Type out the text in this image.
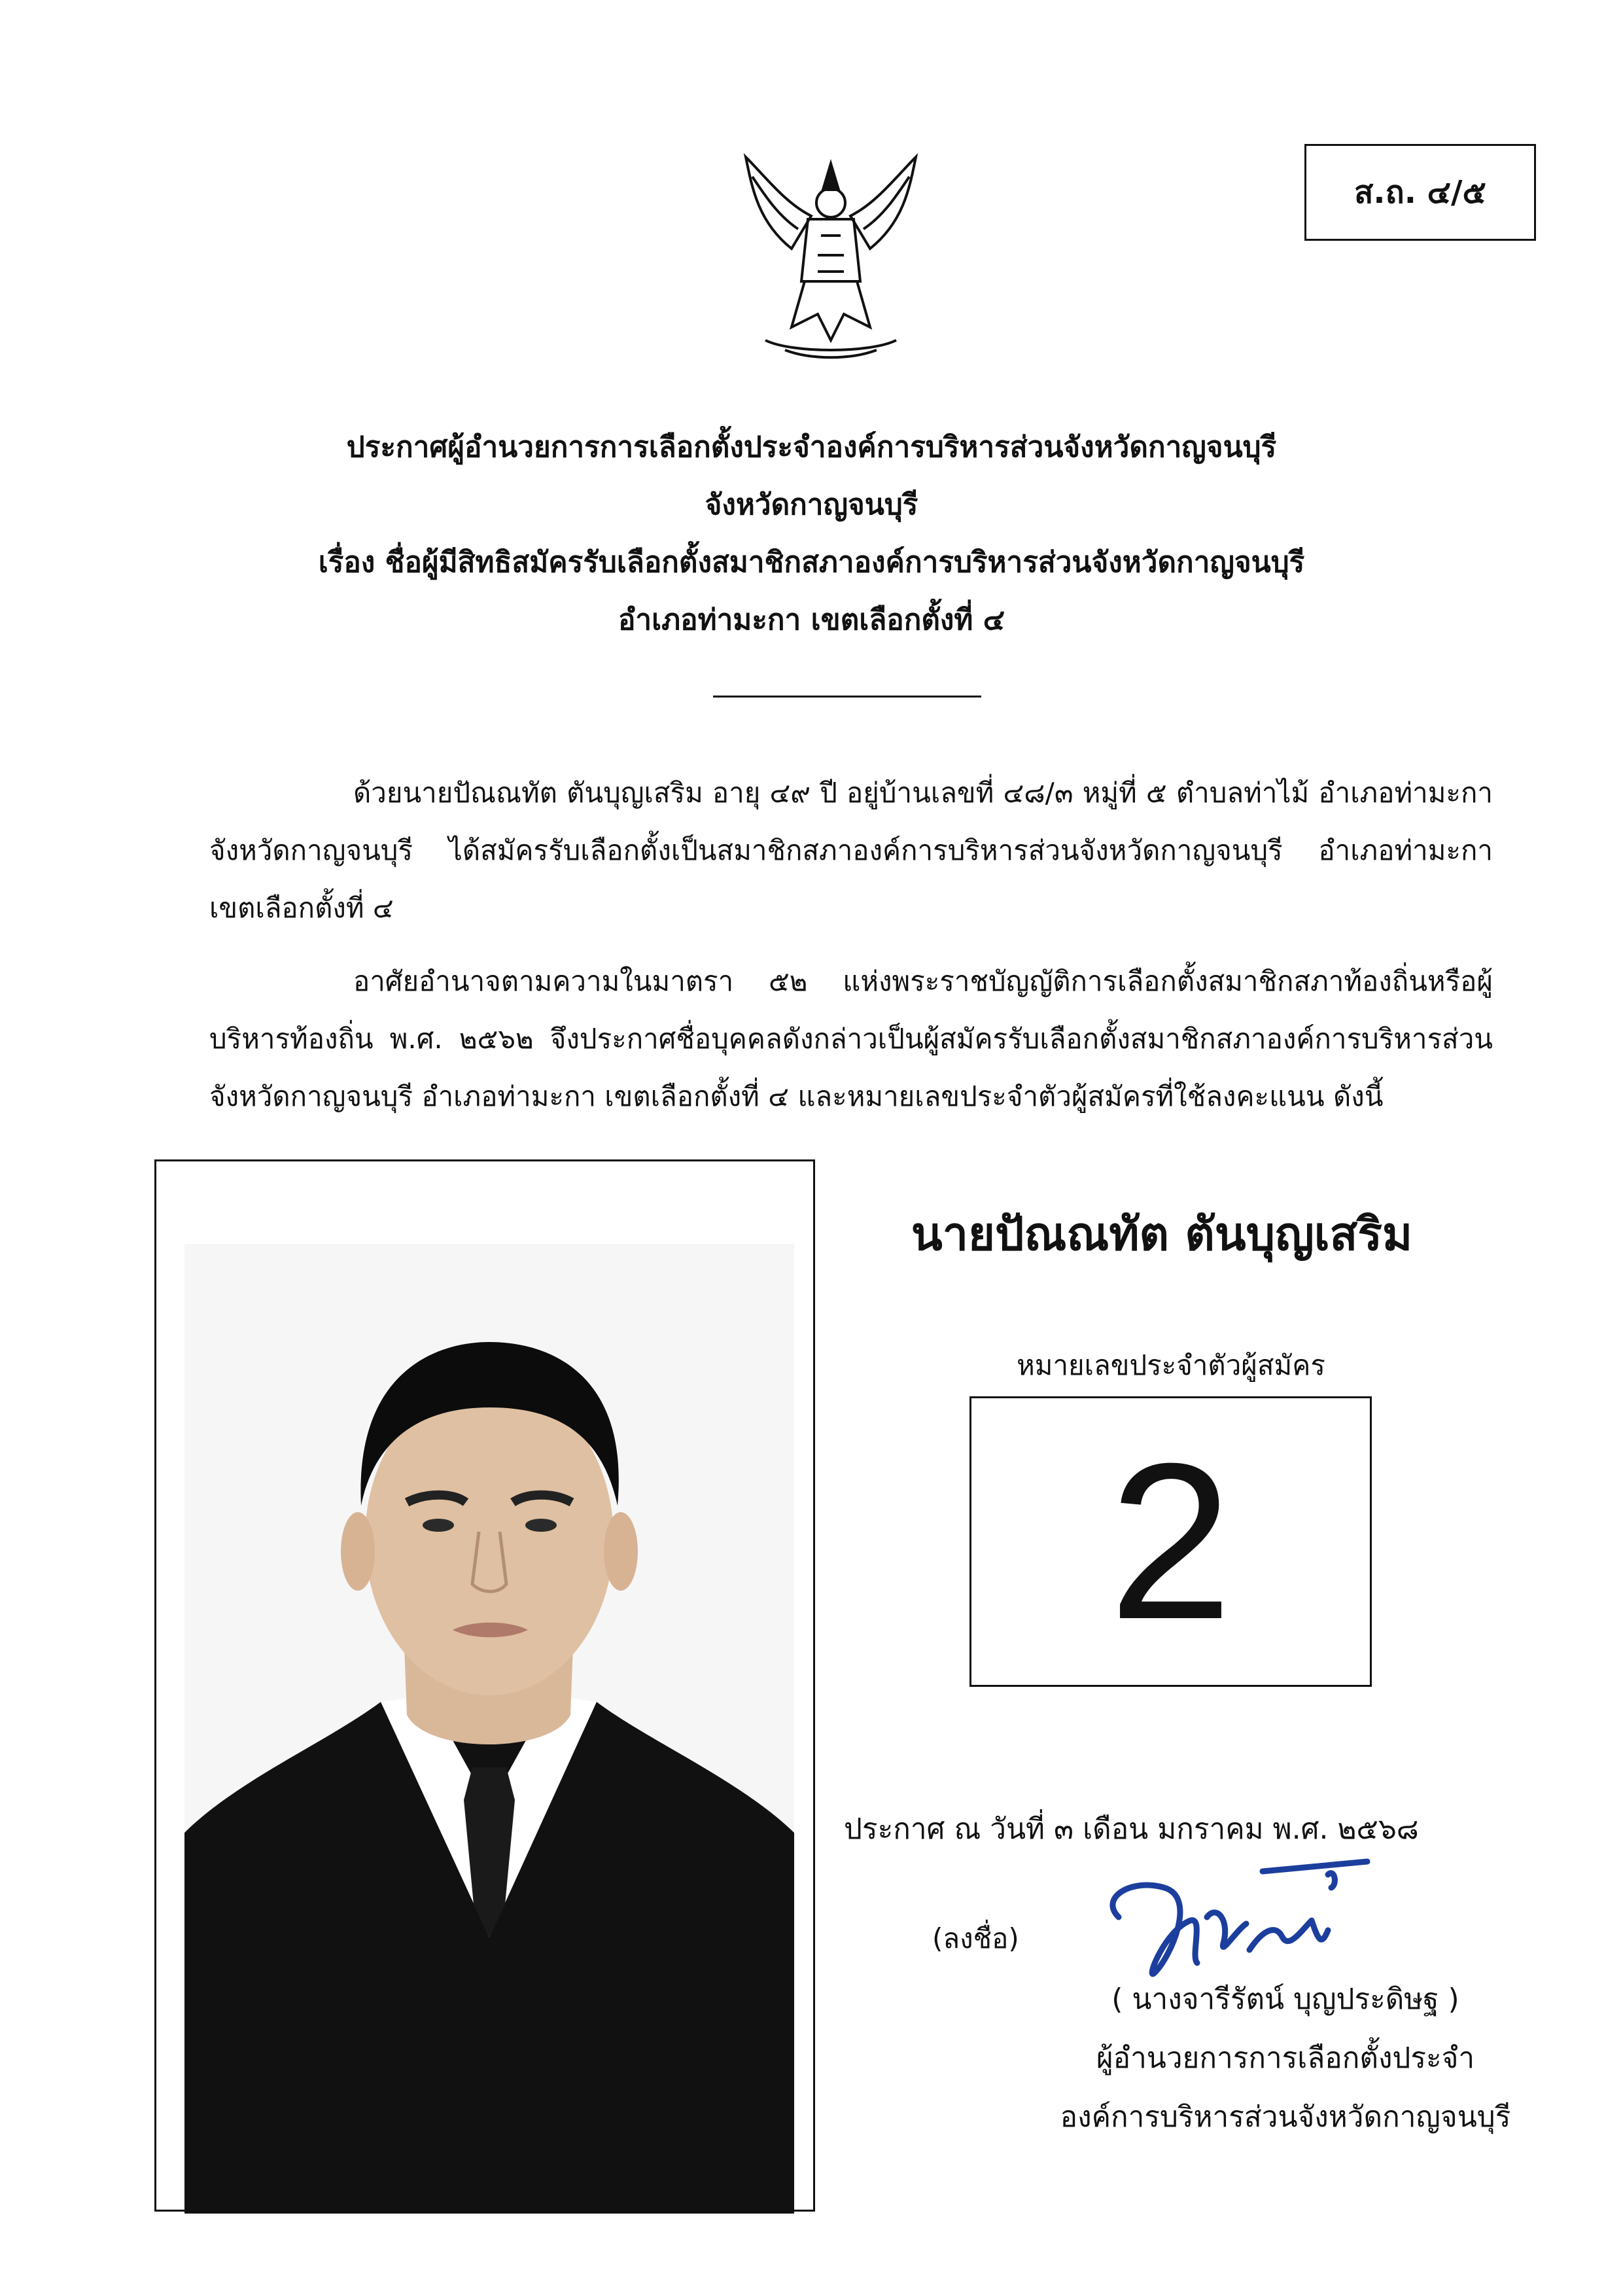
ส.ถ. ๔/๕
ประกาศผู้อำนวยการการเลือกตั้งประจำองค์การบริหารส่วนจังหวัดกาญจนบุรี
จังหวัดกาญจนบุรี
เรื่อง ชื่อผู้มีสิทธิสมัครรับเลือกตั้งสมาชิกสภาองค์การบริหารส่วนจังหวัดกาญจนบุรี
อำเภอท่ามะกา เขตเลือกตั้งที่ ๔
ด้วยนายปัณณทัต ตันบุญเสริม อายุ ๔๙ ปี อยู่บ้านเลขที่ ๔๘/๓ หมู่ที่ ๕ ตำบลท่าไม้ อำเภอท่ามะกา จังหวัดกาญจนบุรี ได้สมัครรับเลือกตั้งเป็นสมาชิกสภาองค์การบริหารส่วนจังหวัดกาญจนบุรี อำเภอท่ามะกา เขตเลือกตั้งที่ ๔
อาศัยอำนาจตามความในมาตรา ๕๒ แห่งพระราชบัญญัติการเลือกตั้งสมาชิกสภาท้องถิ่นหรือผู้บริหารท้องถิ่น พ.ศ. ๒๕๖๒ จึงประกาศชื่อบุคคลดังกล่าวเป็นผู้สมัครรับเลือกตั้งสมาชิกสภาองค์การบริหารส่วนจังหวัดกาญจนบุรี อำเภอท่ามะกา เขตเลือกตั้งที่ ๔ และหมายเลขประจำตัวผู้สมัครที่ใช้ลงคะแนน ดังนี้
นายปัณณทัต ตันบุญเสริม
หมายเลขประจำตัวผู้สมัคร
2
ประกาศ ณ วันที่ ๓ เดือน มกราคม พ.ศ. ๒๕๖๘
(ลงชื่อ)
( นางจารีรัตน์ บุญประดิษฐ )
ผู้อำนวยการการเลือกตั้งประจำ
องค์การบริหารส่วนจังหวัดกาญจนบุรี
